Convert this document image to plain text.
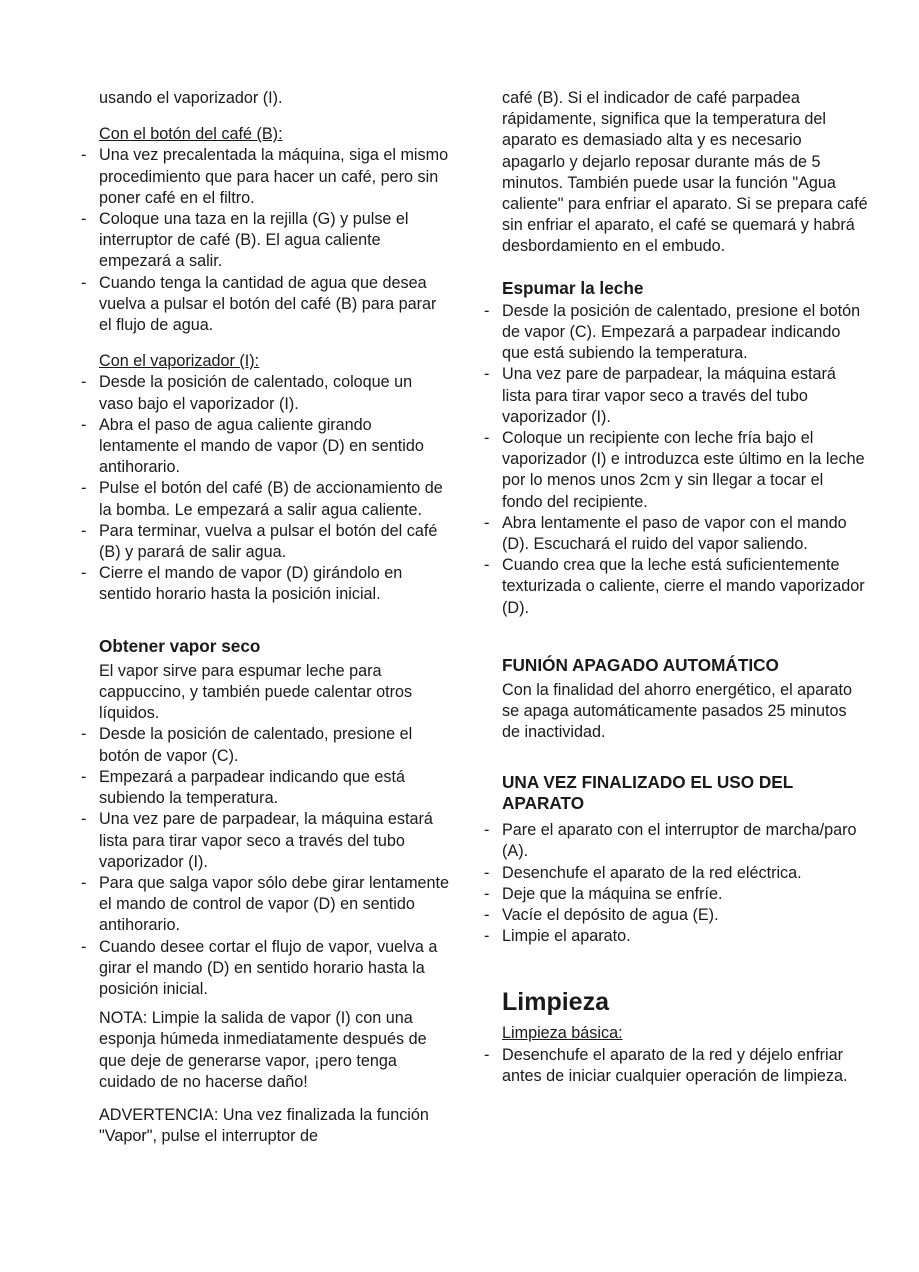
usando el vaporizador (I).

Con el botón del café (B):

- Una vez precalentada la máquina, siga el mismo procedimiento que para hacer un café, pero sin poner café en el filtro.
- Coloque una taza en la rejilla (G) y pulse el interruptor de café (B). El agua caliente empezará a salir.
- Cuando tenga la cantidad de agua que desea vuelva a pulsar el botón del café (B) para parar el flujo de agua.

Con el vaporizador (I):

- Desde la posición de calentado, coloque un vaso bajo el vaporizador (I).
- Abra el paso de agua caliente girando lentamente el mando de vapor (D) en sentido antihorario.
- Pulse el botón del café (B) de accionamiento de la bomba. Le empezará a salir agua caliente.
- Para terminar, vuelva a pulsar el botón del café (B) y parará de salir agua.
- Cierre el mando de vapor (D) girándolo en sentido horario hasta la posición inicial.

Obtener vapor seco

El vapor sirve para espumar leche para cappuccino, y también puede calentar otros líquidos.

- Desde la posición de calentado, presione el botón de vapor (C).
- Empezará a parpadear indicando que está subiendo la temperatura.
- Una vez pare de parpadear, la máquina estará lista para tirar vapor seco a través del tubo vaporizador (I).
- Para que salga vapor sólo debe girar lentamente el mando de control de vapor (D) en sentido antihorario.
- Cuando desee cortar el flujo de vapor, vuelva a girar el mando (D) en sentido horario hasta la posición inicial.

NOTA: Limpie la salida de vapor (I) con una esponja húmeda inmediatamente después de que deje de generarse vapor, ¡pero tenga cuidado de no hacerse daño!

ADVERTENCIA: Una vez finalizada la función "Vapor", pulse el interruptor de

café (B). Si el indicador de café parpadea rápidamente, significa que la temperatura del aparato es demasiado alta y es necesario apagarlo y dejarlo reposar durante más de 5 minutos. También puede usar la función "Agua caliente" para enfriar el aparato. Si se prepara café sin enfriar el aparato, el café se quemará y habrá desbordamiento en el embudo.

Espumar la leche

- Desde la posición de calentado, presione el botón de vapor (C). Empezará a parpadear indicando que está subiendo la temperatura.
- Una vez pare de parpadear, la máquina estará lista para tirar vapor seco a través del tubo vaporizador (I).
- Coloque un recipiente con leche fría bajo el vaporizador (I) e introduzca este último en la leche por lo menos unos 2cm y sin llegar a tocar el fondo del recipiente.
- Abra lentamente el paso de vapor con el mando (D). Escuchará el ruido del vapor saliendo.
- Cuando crea que la leche está suficientemente texturizada o caliente, cierre el mando vaporizador (D).

FUNIÓN APAGADO AUTOMÁTICO

Con la finalidad del ahorro energético, el aparato se apaga automáticamente pasados 25 minutos de inactividad.

UNA VEZ FINALIZADO EL USO DEL APARATO

- Pare el aparato con el interruptor de marcha/paro (A).
- Desenchufe el aparato de la red eléctrica.
- Deje que la máquina se enfríe.
- Vacíe el depósito de agua (E).
- Limpie el aparato.

Limpieza

Limpieza básica:

- Desenchufe el aparato de la red y déjelo enfriar antes de iniciar cualquier operación de limpieza.
